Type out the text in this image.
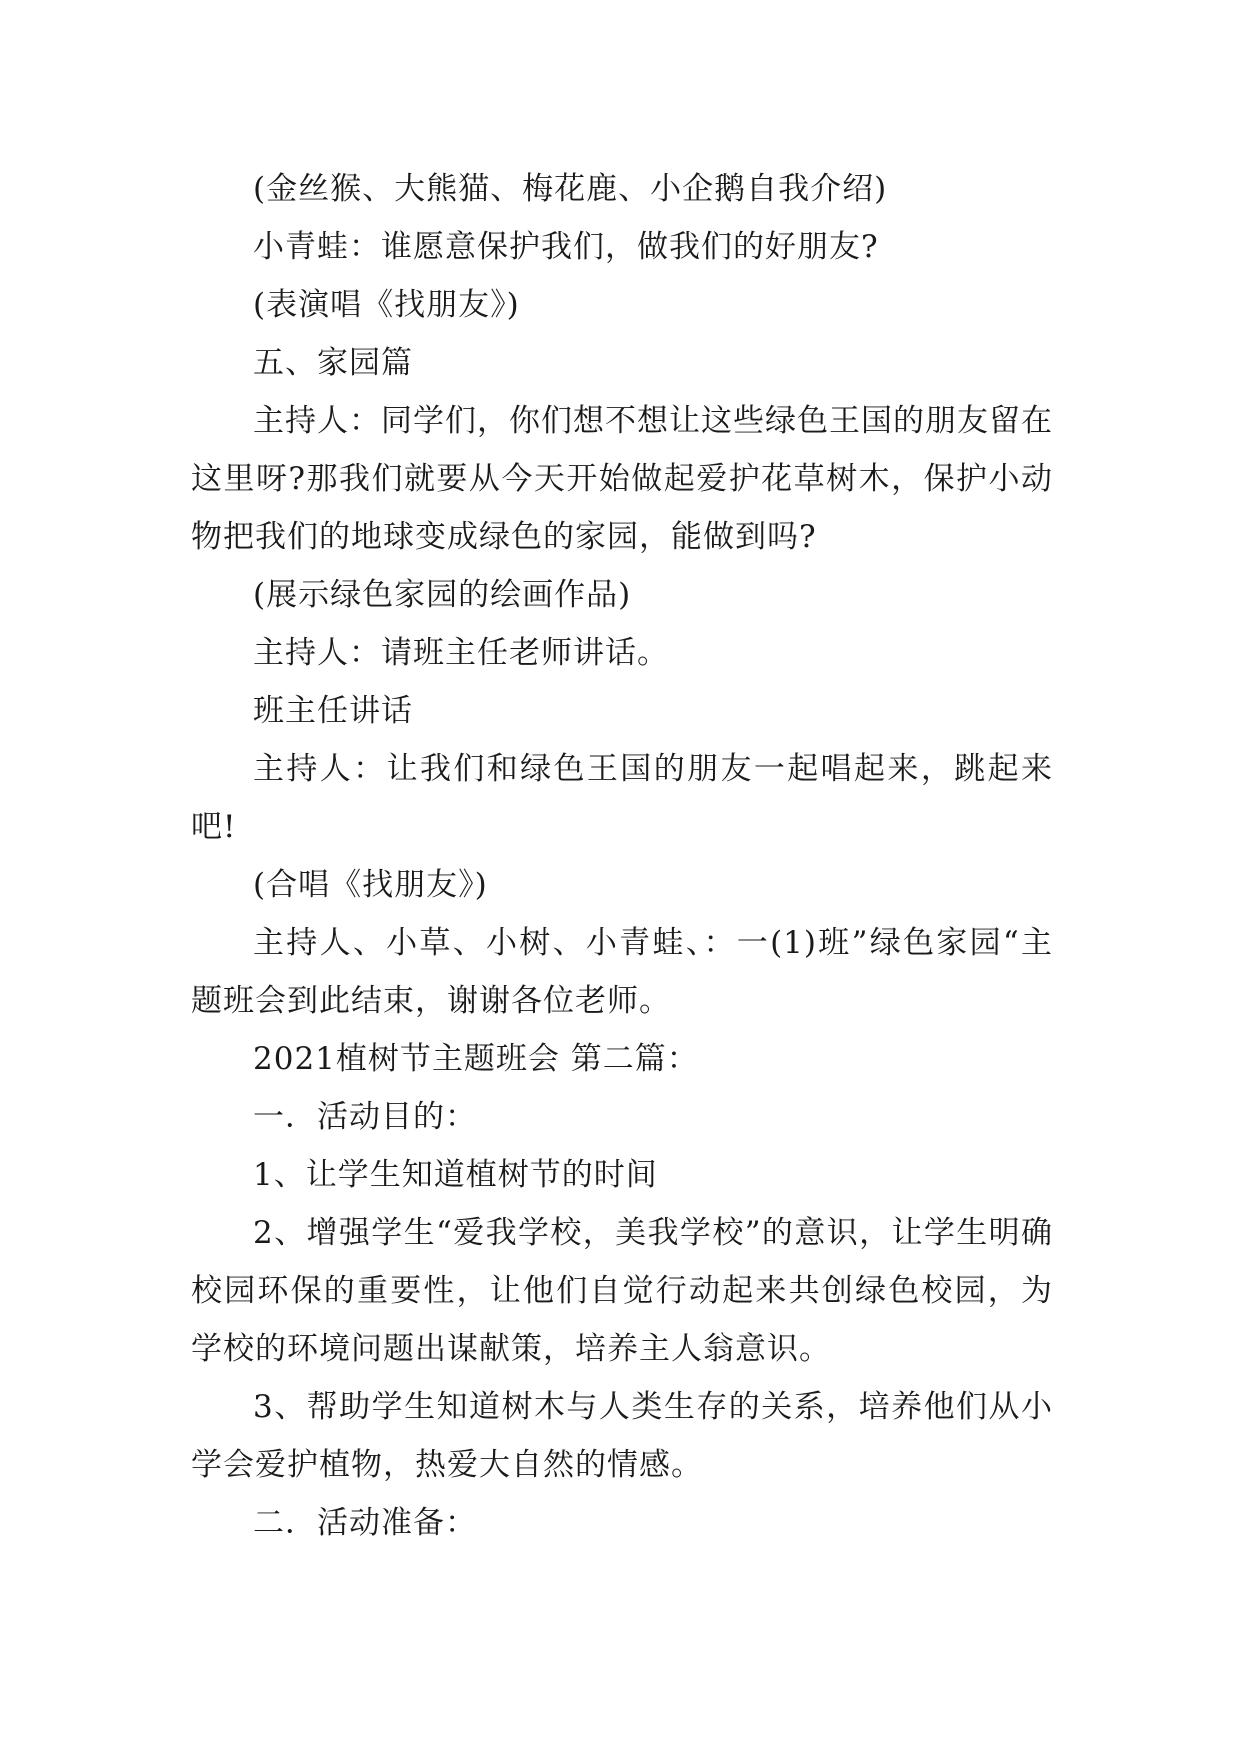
(金丝猴、大熊猫、梅花鹿、小企鹅自我介绍)

小青蛙：谁愿意保护我们，做我们的好朋友?

(表演唱《找朋友》)

五、家园篇

主持人：同学们，你们想不想让这些绿色王国的朋友留在这里呀?那我们就要从今天开始做起爱护花草树木，保护小动物把我们的地球变成绿色的家园，能做到吗?

(展示绿色家园的绘画作品)

主持人：请班主任老师讲话。

班主任讲话

主持人：让我们和绿色王国的朋友一起唱起来，跳起来吧!

(合唱《找朋友》)

主持人、小草、小树、小青蛙、：一(1)班”绿色家园“主题班会到此结束，谢谢各位老师。

2021植树节主题班会 第二篇：

一．活动目的：

1、让学生知道植树节的时间

2、增强学生“爱我学校，美我学校”的意识，让学生明确校园环保的重要性，让他们自觉行动起来共创绿色校园，为学校的环境问题出谋献策，培养主人翁意识。

3、帮助学生知道树木与人类生存的关系，培养他们从小学会爱护植物，热爱大自然的情感。

二．活动准备：
